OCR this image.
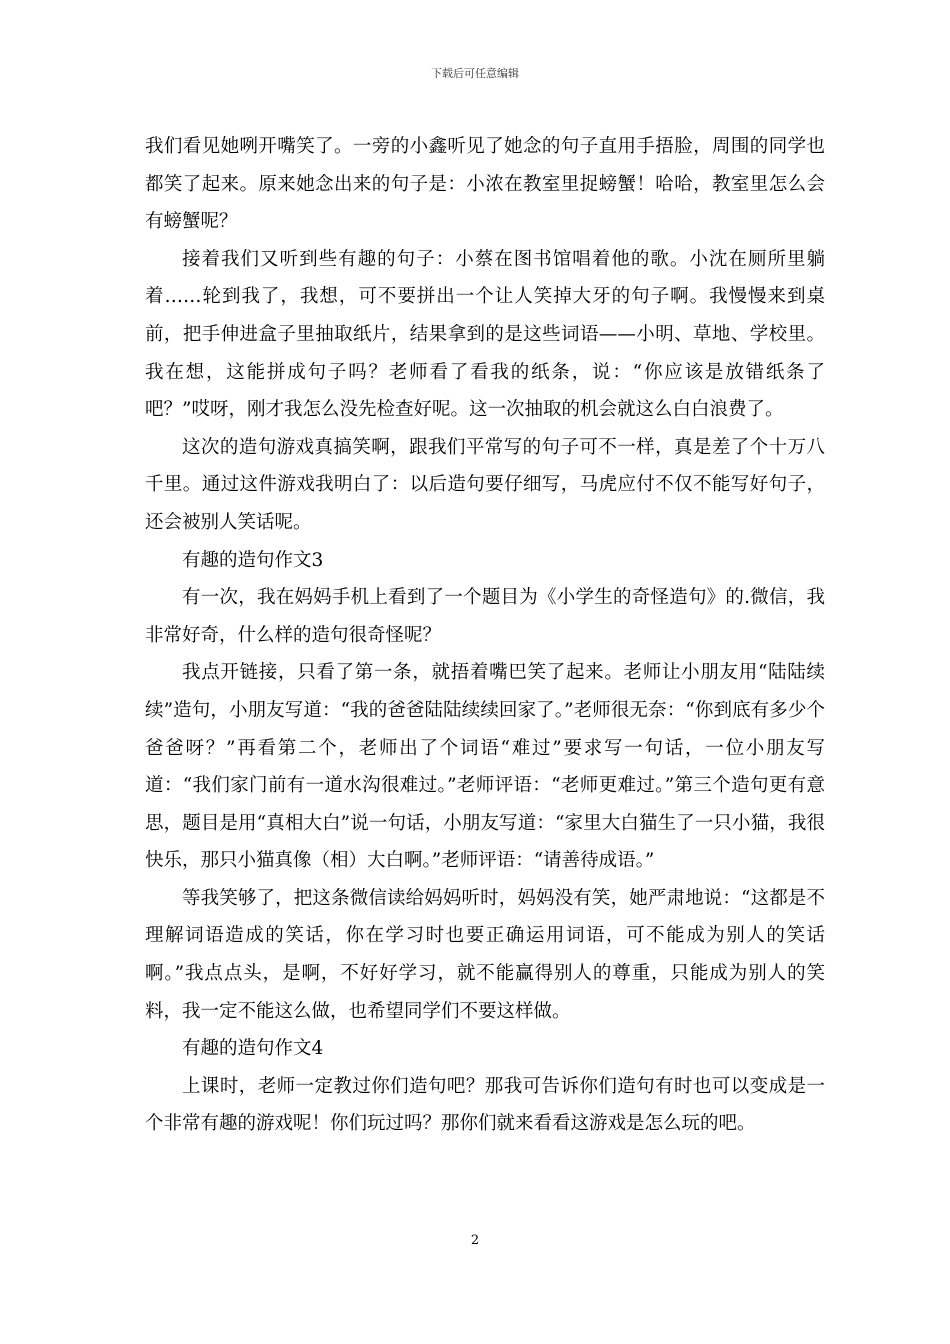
下载后可任意编辑

我们看见她咧开嘴笑了。一旁的小鑫听见了她念的句子直用手捂脸，周围的同学也都笑了起来。原来她念出来的句子是：小浓在教室里捉螃蟹！哈哈，教室里怎么会有螃蟹呢？

接着我们又听到些有趣的句子：小蔡在图书馆唱着他的歌。小沈在厕所里躺着……轮到我了，我想，可不要拼出一个让人笑掉大牙的句子啊。我慢慢来到桌前，把手伸进盒子里抽取纸片，结果拿到的是这些词语——小明、草地、学校里。我在想，这能拼成句子吗？老师看了看我的纸条，说：“你应该是放错纸条了吧？”哎呀，刚才我怎么没先检查好呢。这一次抽取的机会就这么白白浪费了。

这次的造句游戏真搞笑啊，跟我们平常写的句子可不一样，真是差了个十万八千里。通过这件游戏我明白了：以后造句要仔细写，马虎应付不仅不能写好句子，还会被别人笑话呢。

有趣的造句作文3

有一次，我在妈妈手机上看到了一个题目为《小学生的奇怪造句》的.微信，我非常好奇，什么样的造句很奇怪呢？

我点开链接，只看了第一条，就捂着嘴巴笑了起来。老师让小朋友用“陆陆续续”造句，小朋友写道：“我的爸爸陆陆续续回家了。”老师很无奈：“你到底有多少个爸爸呀？”再看第二个，老师出了个词语“难过”要求写一句话，一位小朋友写道：“我们家门前有一道水沟很难过。”老师评语：“老师更难过。”第三个造句更有意思，题目是用“真相大白”说一句话，小朋友写道：“家里大白猫生了一只小猫，我很快乐，那只小猫真像（相）大白啊。”老师评语：“请善待成语。”

等我笑够了，把这条微信读给妈妈听时，妈妈没有笑，她严肃地说：“这都是不理解词语造成的笑话，你在学习时也要正确运用词语，可不能成为别人的笑话啊。”我点点头，是啊，不好好学习，就不能赢得别人的尊重，只能成为别人的笑料，我一定不能这么做，也希望同学们不要这样做。

有趣的造句作文4

上课时，老师一定教过你们造句吧？那我可告诉你们造句有时也可以变成是一个非常有趣的游戏呢！你们玩过吗？那你们就来看看这游戏是怎么玩的吧。

2
